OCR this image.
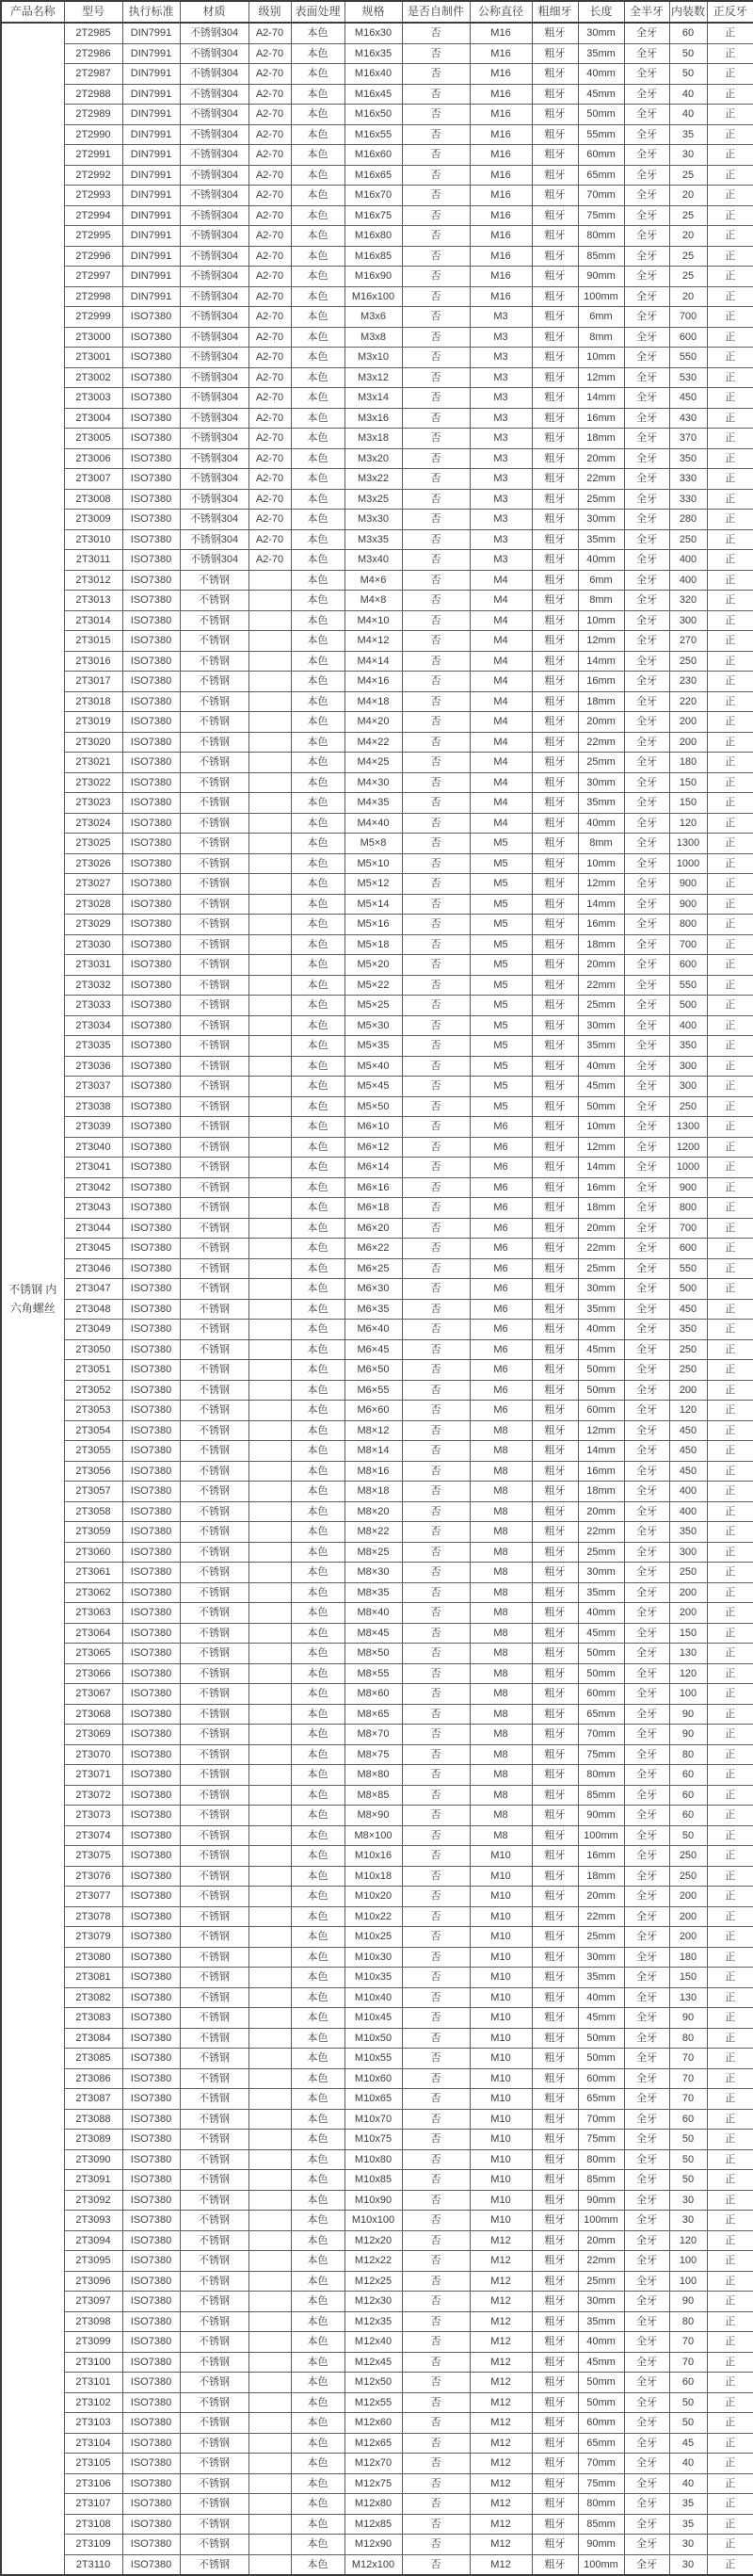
产品名称	型号	执行标准	材质	级别	表面处理	规格	是否自制件	公称直径	粗细牙	长度	全半牙	内装数	正反牙
不锈钢 内六角螺丝	2T2985	DIN7991	不锈钢304	A2-70	本色	M16x30	否	M16	粗牙	30mm	全牙	60	正
	2T2986	DIN7991	不锈钢304	A2-70	本色	M16x35	否	M16	粗牙	35mm	全牙	50	正
	2T2987	DIN7991	不锈钢304	A2-70	本色	M16x40	否	M16	粗牙	40mm	全牙	50	正
	2T2988	DIN7991	不锈钢304	A2-70	本色	M16x45	否	M16	粗牙	45mm	全牙	40	正
	2T2989	DIN7991	不锈钢304	A2-70	本色	M16x50	否	M16	粗牙	50mm	全牙	40	正
	2T2990	DIN7991	不锈钢304	A2-70	本色	M16x55	否	M16	粗牙	55mm	全牙	35	正
	2T2991	DIN7991	不锈钢304	A2-70	本色	M16x60	否	M16	粗牙	60mm	全牙	30	正
	2T2992	DIN7991	不锈钢304	A2-70	本色	M16x65	否	M16	粗牙	65mm	全牙	25	正
	2T2993	DIN7991	不锈钢304	A2-70	本色	M16x70	否	M16	粗牙	70mm	全牙	20	正
	2T2994	DIN7991	不锈钢304	A2-70	本色	M16x75	否	M16	粗牙	75mm	全牙	25	正
	2T2995	DIN7991	不锈钢304	A2-70	本色	M16x80	否	M16	粗牙	80mm	全牙	20	正
	2T2996	DIN7991	不锈钢304	A2-70	本色	M16x85	否	M16	粗牙	85mm	全牙	25	正
	2T2997	DIN7991	不锈钢304	A2-70	本色	M16x90	否	M16	粗牙	90mm	全牙	25	正
	2T2998	DIN7991	不锈钢304	A2-70	本色	M16x100	否	M16	粗牙	100mm	全牙	20	正
	2T2999	ISO7380	不锈钢304	A2-70	本色	M3x6	否	M3	粗牙	6mm	全牙	700	正
	2T3000	ISO7380	不锈钢304	A2-70	本色	M3x8	否	M3	粗牙	8mm	全牙	600	正
	2T3001	ISO7380	不锈钢304	A2-70	本色	M3x10	否	M3	粗牙	10mm	全牙	550	正
	2T3002	ISO7380	不锈钢304	A2-70	本色	M3x12	否	M3	粗牙	12mm	全牙	530	正
	2T3003	ISO7380	不锈钢304	A2-70	本色	M3x14	否	M3	粗牙	14mm	全牙	450	正
	2T3004	ISO7380	不锈钢304	A2-70	本色	M3x16	否	M3	粗牙	16mm	全牙	430	正
	2T3005	ISO7380	不锈钢304	A2-70	本色	M3x18	否	M3	粗牙	18mm	全牙	370	正
	2T3006	ISO7380	不锈钢304	A2-70	本色	M3x20	否	M3	粗牙	20mm	全牙	350	正
	2T3007	ISO7380	不锈钢304	A2-70	本色	M3x22	否	M3	粗牙	22mm	全牙	330	正
	2T3008	ISO7380	不锈钢304	A2-70	本色	M3x25	否	M3	粗牙	25mm	全牙	330	正
	2T3009	ISO7380	不锈钢304	A2-70	本色	M3x30	否	M3	粗牙	30mm	全牙	280	正
	2T3010	ISO7380	不锈钢304	A2-70	本色	M3x35	否	M3	粗牙	35mm	全牙	250	正
	2T3011	ISO7380	不锈钢304	A2-70	本色	M3x40	否	M3	粗牙	40mm	全牙	400	正
	2T3012	ISO7380	不锈钢		本色	M4×6	否	M4	粗牙	6mm	全牙	400	正
	2T3013	ISO7380	不锈钢		本色	M4×8	否	M4	粗牙	8mm	全牙	320	正
	2T3014	ISO7380	不锈钢		本色	M4×10	否	M4	粗牙	10mm	全牙	300	正
	2T3015	ISO7380	不锈钢		本色	M4×12	否	M4	粗牙	12mm	全牙	270	正
	2T3016	ISO7380	不锈钢		本色	M4×14	否	M4	粗牙	14mm	全牙	250	正
	2T3017	ISO7380	不锈钢		本色	M4×16	否	M4	粗牙	16mm	全牙	230	正
	2T3018	ISO7380	不锈钢		本色	M4×18	否	M4	粗牙	18mm	全牙	220	正
	2T3019	ISO7380	不锈钢		本色	M4×20	否	M4	粗牙	20mm	全牙	200	正
	2T3020	ISO7380	不锈钢		本色	M4×22	否	M4	粗牙	22mm	全牙	200	正
	2T3021	ISO7380	不锈钢		本色	M4×25	否	M4	粗牙	25mm	全牙	180	正
	2T3022	ISO7380	不锈钢		本色	M4×30	否	M4	粗牙	30mm	全牙	150	正
	2T3023	ISO7380	不锈钢		本色	M4×35	否	M4	粗牙	35mm	全牙	150	正
	2T3024	ISO7380	不锈钢		本色	M4×40	否	M4	粗牙	40mm	全牙	120	正
	2T3025	ISO7380	不锈钢		本色	M5×8	否	M5	粗牙	8mm	全牙	1300	正
	2T3026	ISO7380	不锈钢		本色	M5×10	否	M5	粗牙	10mm	全牙	1000	正
	2T3027	ISO7380	不锈钢		本色	M5×12	否	M5	粗牙	12mm	全牙	900	正
	2T3028	ISO7380	不锈钢		本色	M5×14	否	M5	粗牙	14mm	全牙	900	正
	2T3029	ISO7380	不锈钢		本色	M5×16	否	M5	粗牙	16mm	全牙	800	正
	2T3030	ISO7380	不锈钢		本色	M5×18	否	M5	粗牙	18mm	全牙	700	正
	2T3031	ISO7380	不锈钢		本色	M5×20	否	M5	粗牙	20mm	全牙	600	正
	2T3032	ISO7380	不锈钢		本色	M5×22	否	M5	粗牙	22mm	全牙	550	正
	2T3033	ISO7380	不锈钢		本色	M5×25	否	M5	粗牙	25mm	全牙	500	正
	2T3034	ISO7380	不锈钢		本色	M5×30	否	M5	粗牙	30mm	全牙	400	正
	2T3035	ISO7380	不锈钢		本色	M5×35	否	M5	粗牙	35mm	全牙	350	正
	2T3036	ISO7380	不锈钢		本色	M5×40	否	M5	粗牙	40mm	全牙	300	正
	2T3037	ISO7380	不锈钢		本色	M5×45	否	M5	粗牙	45mm	全牙	300	正
	2T3038	ISO7380	不锈钢		本色	M5×50	否	M5	粗牙	50mm	全牙	250	正
	2T3039	ISO7380	不锈钢		本色	M6×10	否	M6	粗牙	10mm	全牙	1300	正
	2T3040	ISO7380	不锈钢		本色	M6×12	否	M6	粗牙	12mm	全牙	1200	正
	2T3041	ISO7380	不锈钢		本色	M6×14	否	M6	粗牙	14mm	全牙	1000	正
	2T3042	ISO7380	不锈钢		本色	M6×16	否	M6	粗牙	16mm	全牙	900	正
	2T3043	ISO7380	不锈钢		本色	M6×18	否	M6	粗牙	18mm	全牙	800	正
	2T3044	ISO7380	不锈钢		本色	M6×20	否	M6	粗牙	20mm	全牙	700	正
	2T3045	ISO7380	不锈钢		本色	M6×22	否	M6	粗牙	22mm	全牙	600	正
	2T3046	ISO7380	不锈钢		本色	M6×25	否	M6	粗牙	25mm	全牙	550	正
	2T3047	ISO7380	不锈钢		本色	M6×30	否	M6	粗牙	30mm	全牙	500	正
	2T3048	ISO7380	不锈钢		本色	M6×35	否	M6	粗牙	35mm	全牙	450	正
	2T3049	ISO7380	不锈钢		本色	M6×40	否	M6	粗牙	40mm	全牙	350	正
	2T3050	ISO7380	不锈钢		本色	M6×45	否	M6	粗牙	45mm	全牙	250	正
	2T3051	ISO7380	不锈钢		本色	M6×50	否	M6	粗牙	50mm	全牙	250	正
	2T3052	ISO7380	不锈钢		本色	M6×55	否	M6	粗牙	50mm	全牙	200	正
	2T3053	ISO7380	不锈钢		本色	M6×60	否	M6	粗牙	60mm	全牙	120	正
	2T3054	ISO7380	不锈钢		本色	M8×12	否	M8	粗牙	12mm	全牙	450	正
	2T3055	ISO7380	不锈钢		本色	M8×14	否	M8	粗牙	14mm	全牙	450	正
	2T3056	ISO7380	不锈钢		本色	M8×16	否	M8	粗牙	16mm	全牙	450	正
	2T3057	ISO7380	不锈钢		本色	M8×18	否	M8	粗牙	18mm	全牙	400	正
	2T3058	ISO7380	不锈钢		本色	M8×20	否	M8	粗牙	20mm	全牙	400	正
	2T3059	ISO7380	不锈钢		本色	M8×22	否	M8	粗牙	22mm	全牙	350	正
	2T3060	ISO7380	不锈钢		本色	M8×25	否	M8	粗牙	25mm	全牙	300	正
	2T3061	ISO7380	不锈钢		本色	M8×30	否	M8	粗牙	30mm	全牙	250	正
	2T3062	ISO7380	不锈钢		本色	M8×35	否	M8	粗牙	35mm	全牙	200	正
	2T3063	ISO7380	不锈钢		本色	M8×40	否	M8	粗牙	40mm	全牙	200	正
	2T3064	ISO7380	不锈钢		本色	M8×45	否	M8	粗牙	45mm	全牙	150	正
	2T3065	ISO7380	不锈钢		本色	M8×50	否	M8	粗牙	50mm	全牙	130	正
	2T3066	ISO7380	不锈钢		本色	M8×55	否	M8	粗牙	50mm	全牙	120	正
	2T3067	ISO7380	不锈钢		本色	M8×60	否	M8	粗牙	60mm	全牙	100	正
	2T3068	ISO7380	不锈钢		本色	M8×65	否	M8	粗牙	65mm	全牙	90	正
	2T3069	ISO7380	不锈钢		本色	M8×70	否	M8	粗牙	70mm	全牙	90	正
	2T3070	ISO7380	不锈钢		本色	M8×75	否	M8	粗牙	75mm	全牙	80	正
	2T3071	ISO7380	不锈钢		本色	M8×80	否	M8	粗牙	80mm	全牙	60	正
	2T3072	ISO7380	不锈钢		本色	M8×85	否	M8	粗牙	85mm	全牙	60	正
	2T3073	ISO7380	不锈钢		本色	M8×90	否	M8	粗牙	90mm	全牙	60	正
	2T3074	ISO7380	不锈钢		本色	M8×100	否	M8	粗牙	100mm	全牙	50	正
	2T3075	ISO7380	不锈钢		本色	M10x16	否	M10	粗牙	16mm	全牙	250	正
	2T3076	ISO7380	不锈钢		本色	M10x18	否	M10	粗牙	18mm	全牙	250	正
	2T3077	ISO7380	不锈钢		本色	M10x20	否	M10	粗牙	20mm	全牙	200	正
	2T3078	ISO7380	不锈钢		本色	M10x22	否	M10	粗牙	22mm	全牙	200	正
	2T3079	ISO7380	不锈钢		本色	M10x25	否	M10	粗牙	25mm	全牙	200	正
	2T3080	ISO7380	不锈钢		本色	M10x30	否	M10	粗牙	30mm	全牙	180	正
	2T3081	ISO7380	不锈钢		本色	M10x35	否	M10	粗牙	35mm	全牙	150	正
	2T3082	ISO7380	不锈钢		本色	M10x40	否	M10	粗牙	40mm	全牙	130	正
	2T3083	ISO7380	不锈钢		本色	M10x45	否	M10	粗牙	45mm	全牙	90	正
	2T3084	ISO7380	不锈钢		本色	M10x50	否	M10	粗牙	50mm	全牙	80	正
	2T3085	ISO7380	不锈钢		本色	M10x55	否	M10	粗牙	50mm	全牙	70	正
	2T3086	ISO7380	不锈钢		本色	M10x60	否	M10	粗牙	60mm	全牙	70	正
	2T3087	ISO7380	不锈钢		本色	M10x65	否	M10	粗牙	65mm	全牙	70	正
	2T3088	ISO7380	不锈钢		本色	M10x70	否	M10	粗牙	70mm	全牙	60	正
	2T3089	ISO7380	不锈钢		本色	M10x75	否	M10	粗牙	75mm	全牙	50	正
	2T3090	ISO7380	不锈钢		本色	M10x80	否	M10	粗牙	80mm	全牙	50	正
	2T3091	ISO7380	不锈钢		本色	M10x85	否	M10	粗牙	85mm	全牙	50	正
	2T3092	ISO7380	不锈钢		本色	M10x90	否	M10	粗牙	90mm	全牙	30	正
	2T3093	ISO7380	不锈钢		本色	M10x100	否	M10	粗牙	100mm	全牙	30	正
	2T3094	ISO7380	不锈钢		本色	M12x20	否	M12	粗牙	20mm	全牙	120	正
	2T3095	ISO7380	不锈钢		本色	M12x22	否	M12	粗牙	22mm	全牙	100	正
	2T3096	ISO7380	不锈钢		本色	M12x25	否	M12	粗牙	25mm	全牙	100	正
	2T3097	ISO7380	不锈钢		本色	M12x30	否	M12	粗牙	30mm	全牙	90	正
	2T3098	ISO7380	不锈钢		本色	M12x35	否	M12	粗牙	35mm	全牙	80	正
	2T3099	ISO7380	不锈钢		本色	M12x40	否	M12	粗牙	40mm	全牙	70	正
	2T3100	ISO7380	不锈钢		本色	M12x45	否	M12	粗牙	45mm	全牙	70	正
	2T3101	ISO7380	不锈钢		本色	M12x50	否	M12	粗牙	50mm	全牙	60	正
	2T3102	ISO7380	不锈钢		本色	M12x55	否	M12	粗牙	50mm	全牙	50	正
	2T3103	ISO7380	不锈钢		本色	M12x60	否	M12	粗牙	60mm	全牙	50	正
	2T3104	ISO7380	不锈钢		本色	M12x65	否	M12	粗牙	65mm	全牙	45	正
	2T3105	ISO7380	不锈钢		本色	M12x70	否	M12	粗牙	70mm	全牙	40	正
	2T3106	ISO7380	不锈钢		本色	M12x75	否	M12	粗牙	75mm	全牙	40	正
	2T3107	ISO7380	不锈钢		本色	M12x80	否	M12	粗牙	80mm	全牙	35	正
	2T3108	ISO7380	不锈钢		本色	M12x85	否	M12	粗牙	85mm	全牙	35	正
	2T3109	ISO7380	不锈钢		本色	M12x90	否	M12	粗牙	90mm	全牙	30	正
	2T3110	ISO7380	不锈钢		本色	M12x100	否	M12	粗牙	100mm	全牙	30	正
